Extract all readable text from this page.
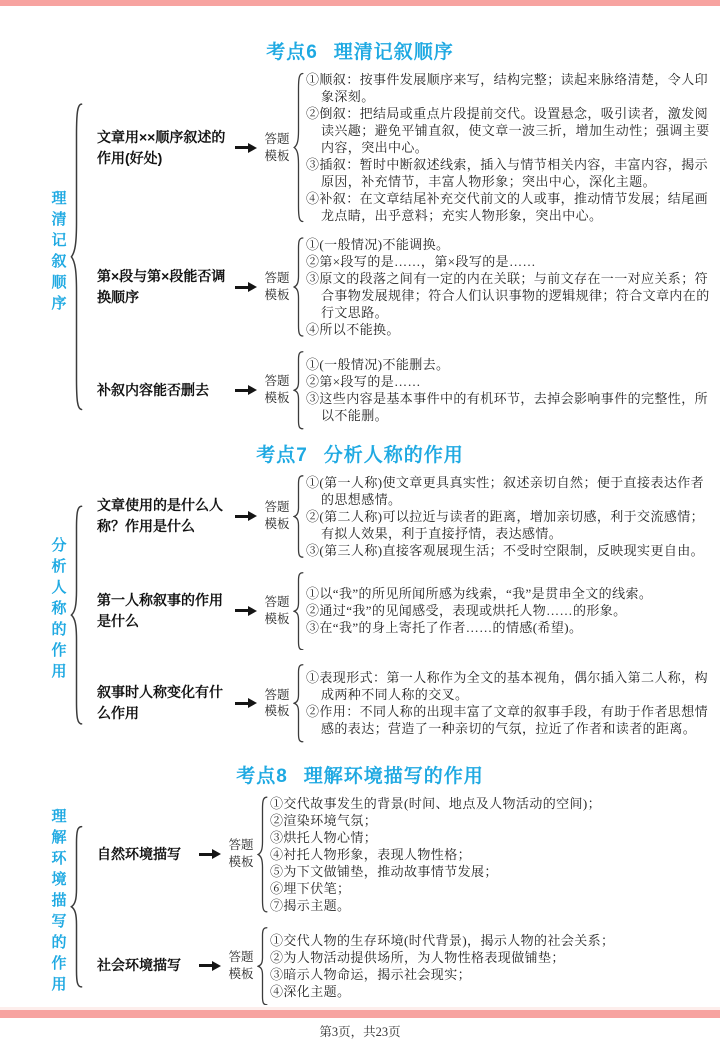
考点6 理清记叙顺序
理
清
记
叙
顺
序
文章用××顺序叙述的作用(好处)
答题
模板
①顺叙：按事件发展顺序来写，结构完整；读起来脉络清楚，令人印象深刻。
②倒叙：把结局或重点片段提前交代。设置悬念，吸引读者，激发阅读兴趣；避免平铺直叙，使文章一波三折，增加生动性；强调主要内容，突出中心。
③插叙：暂时中断叙述线索，插入与情节相关内容，丰富内容，揭示原因，补充情节，丰富人物形象；突出中心，深化主题。
④补叙：在文章结尾补充交代前文的人或事，推动情节发展；结尾画龙点睛，出乎意料；充实人物形象，突出中心。
第×段与第×段能否调换顺序
答题
模板
①(一般情况)不能调换。
②第×段写的是……，第×段写的是……
③原文的段落之间有一定的内在关联；与前文存在一一对应关系；符合事物发展规律；符合人们认识事物的逻辑规律；符合文章内在的行文思路。
④所以不能换。
补叙内容能否删去
答题
模板
①(一般情况)不能删去。
②第×段写的是……
③这些内容是基本事件中的有机环节，去掉会影响事件的完整性，所以不能删。
考点7 分析人称的作用
分
析
人
称
的
作
用
文章使用的是什么人称？作用是什么
答题
模板
①(第一人称)使文章更具真实性；叙述亲切自然；便于直接表达作者的思想感情。
②(第二人称)可以拉近与读者的距离，增加亲切感，利于交流感情；有拟人效果，利于直接抒情，表达感情。
③(第三人称)直接客观展现生活；不受时空限制，反映现实更自由。
第一人称叙事的作用是什么
答题
模板
①以“我”的所见所闻所感为线索，“我”是贯串全文的线索。
②通过“我”的见闻感受，表现或烘托人物……的形象。
③在“我”的身上寄托了作者……的情感(希望)。
叙事时人称变化有什么作用
答题
模板
①表现形式：第一人称作为全文的基本视角，偶尔插入第二人称，构成两种不同人称的交叉。
②作用：不同人称的出现丰富了文章的叙事手段，有助于作者思想情感的表达；营造了一种亲切的气氛，拉近了作者和读者的距离。
考点8 理解环境描写的作用
理
解
环
境
描
写
的
作
用
自然环境描写
答题
模板
①交代故事发生的背景(时间、地点及人物活动的空间)；
②渲染环境气氛；
③烘托人物心情；
④衬托人物形象，表现人物性格；
⑤为下文做铺垫，推动故事情节发展；
⑥埋下伏笔；
⑦揭示主题。
社会环境描写
答题
模板
①交代人物的生存环境(时代背景)，揭示人物的社会关系；
②为人物活动提供场所，为人物性格表现做铺垫；
③暗示人物命运，揭示社会现实；
④深化主题。
第3页，共23页
